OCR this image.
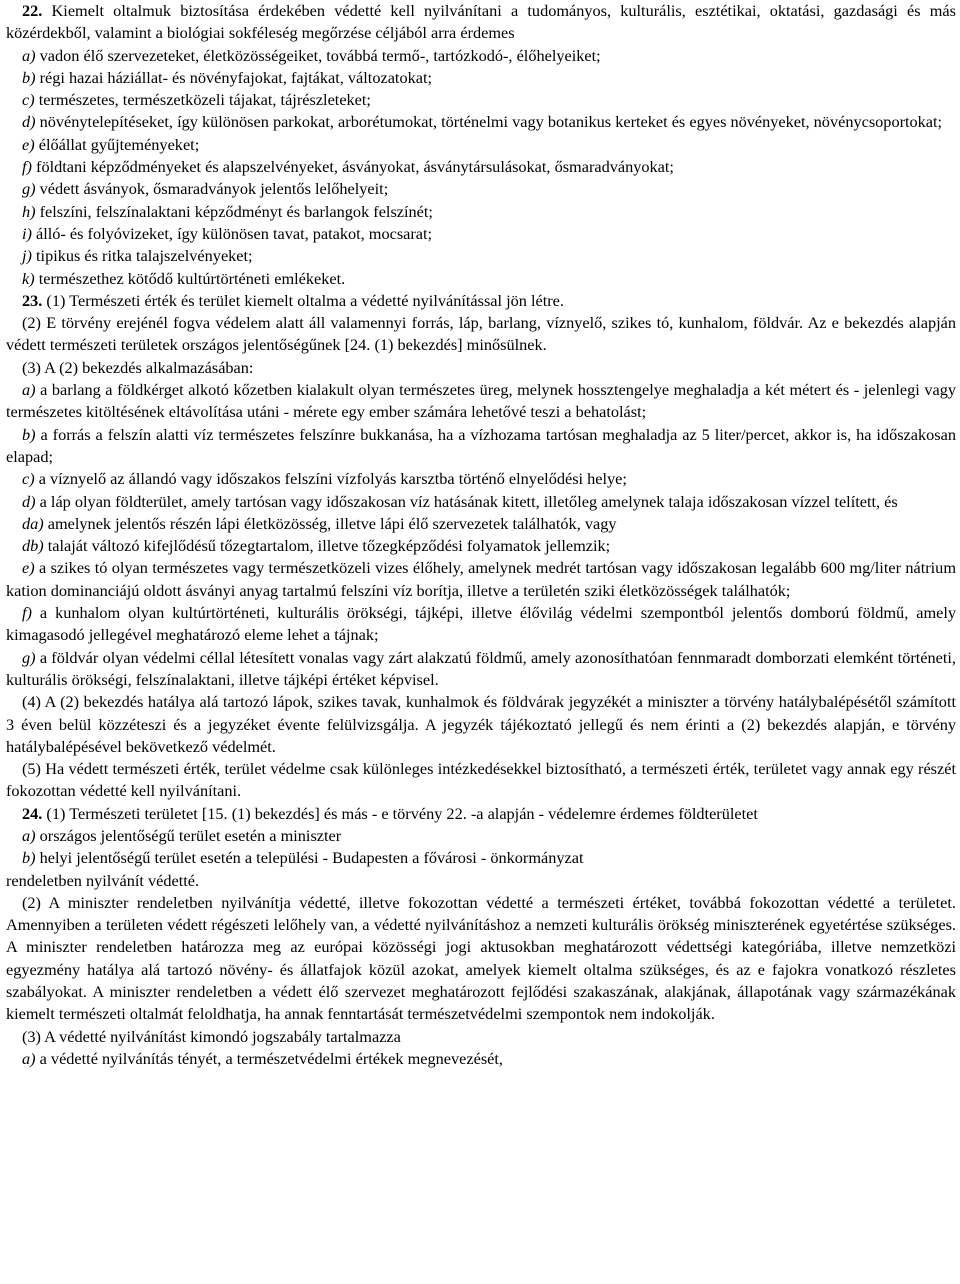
22. Kiemelt oltalmuk biztosítása érdekében védetté kell nyilvánítani a tudományos, kulturális, esztétikai, oktatási, gazdasági és más közérdekből, valamint a biológiai sokféleség megőrzése céljából arra érdemes

a) vadon élő szervezeteket, életközösségeiket, továbbá termő-, tartózkodó-, élőhelyeiket;

b) régi hazai háziállat- és növényfajokat, fajtákat, változatokat;

c) természetes, természetközeli tájakat, tájrészleteket;

d) növénytelepítéseket, így különösen parkokat, arborétumokat, történelmi vagy botanikus kerteket és egyes növényeket, növénycsoportokat;

e) élőállat gyűjteményeket;

f) földtani képződményeket és alapszelvényeket, ásványokat, ásványtársulásokat, ősmaradványokat;

g) védett ásványok, ősmaradványok jelentős lelőhelyeit;

h) felszíni, felszínalaktani képződményt és barlangok felszínét;

i) álló- és folyóvizeket, így különösen tavat, patakot, mocsarat;

j) tipikus és ritka talajszelvényeket;

k) természethez kötődő kultúrtörténeti emlékeket.

23. (1) Természeti érték és terület kiemelt oltalma a védetté nyilvánítással jön létre.

(2) E törvény erejénél fogva védelem alatt áll valamennyi forrás, láp, barlang, víznyelő, szikes tó, kunhalom, földvár. Az e bekezdés alapján védett természeti területek országos jelentőségűnek [24. (1) bekezdés] minősülnek.

(3) A (2) bekezdés alkalmazásában:

a) a barlang a földkérget alkotó kőzetben kialakult olyan természetes üreg, melynek hossztengelye meghaladja a két métert és - jelenlegi vagy természetes kitöltésének eltávolítása utáni - mérete egy ember számára lehetővé teszi a behatolást;

b) a forrás a felszín alatti víz természetes felszínre bukkanása, ha a vízhozama tartósan meghaladja az 5 liter/percet, akkor is, ha időszakosan elapad;

c) a víznyelő az állandó vagy időszakos felszíni vízfolyás karsztba történő elnyelődési helye;

d) a láp olyan földterület, amely tartósan vagy időszakosan víz hatásának kitett, illetőleg amelynek talaja időszakosan vízzel telített, és

da) amelynek jelentős részén lápi életközösség, illetve lápi élő szervezetek találhatók, vagy

db) talaját változó kifejlődésű tőzegtartalom, illetve tőzegképződési folyamatok jellemzik;

e) a szikes tó olyan természetes vagy természetközeli vizes élőhely, amelynek medrét tartósan vagy időszakosan legalább 600 mg/liter nátrium kation dominanciájú oldott ásványi anyag tartalmú felszíni víz borítja, illetve a területén sziki életközösségek találhatók;

f) a kunhalom olyan kultúrtörténeti, kulturális örökségi, tájképi, illetve élővilág védelmi szempontból jelentős domború földmű, amely kimagasodó jellegével meghatározó eleme lehet a tájnak;

g) a földvár olyan védelmi céllal létesített vonalas vagy zárt alakzatú földmű, amely azonosíthatóan fennmaradt domborzati elemként történeti, kulturális örökségi, felszínalaktani, illetve tájképi értéket képvisel.

(4) A (2) bekezdés hatálya alá tartozó lápok, szikes tavak, kunhalmok és földvárak jegyzékét a miniszter a törvény hatálybalépésétől számított 3 éven belül közzéteszi és a jegyzéket évente felülvizsgálja. A jegyzék tájékoztató jellegű és nem érinti a (2) bekezdés alapján, e törvény hatálybalépésével bekövetkező védelmét.

(5) Ha védett természeti érték, terület védelme csak különleges intézkedésekkel biztosítható, a természeti érték, területet vagy annak egy részét fokozottan védetté kell nyilvánítani.

24. (1) Természeti területet [15. (1) bekezdés] és más - e törvény 22. -a alapján - védelemre érdemes földterületet

a) országos jelentőségű terület esetén a miniszter

b) helyi jelentőségű terület esetén a települési - Budapesten a fővárosi - önkormányzat

rendeletben nyilvánít védetté.

(2) A miniszter rendeletben nyilvánítja védetté, illetve fokozottan védetté a természeti értéket, továbbá fokozottan védetté a területet. Amennyiben a területen védett régészeti lelőhely van, a védetté nyilvánításhoz a nemzeti kulturális örökség miniszterének egyetértése szükséges. A miniszter rendeletben határozza meg az európai közösségi jogi aktusokban meghatározott védettségi kategóriába, illetve nemzetközi egyezmény hatálya alá tartozó növény- és állatfajok közül azokat, amelyek kiemelt oltalma szükséges, és az e fajokra vonatkozó részletes szabályokat. A miniszter rendeletben a védett élő szervezet meghatározott fejlődési szakaszának, alakjának, állapotának vagy származékának kiemelt természeti oltalmát feloldhatja, ha annak fenntartását természetvédelmi szempontok nem indokolják.

(3) A védetté nyilvánítást kimondó jogszabály tartalmazza

a) a védetté nyilvánítás tényét, a természetvédelmi értékek megnevezését,
